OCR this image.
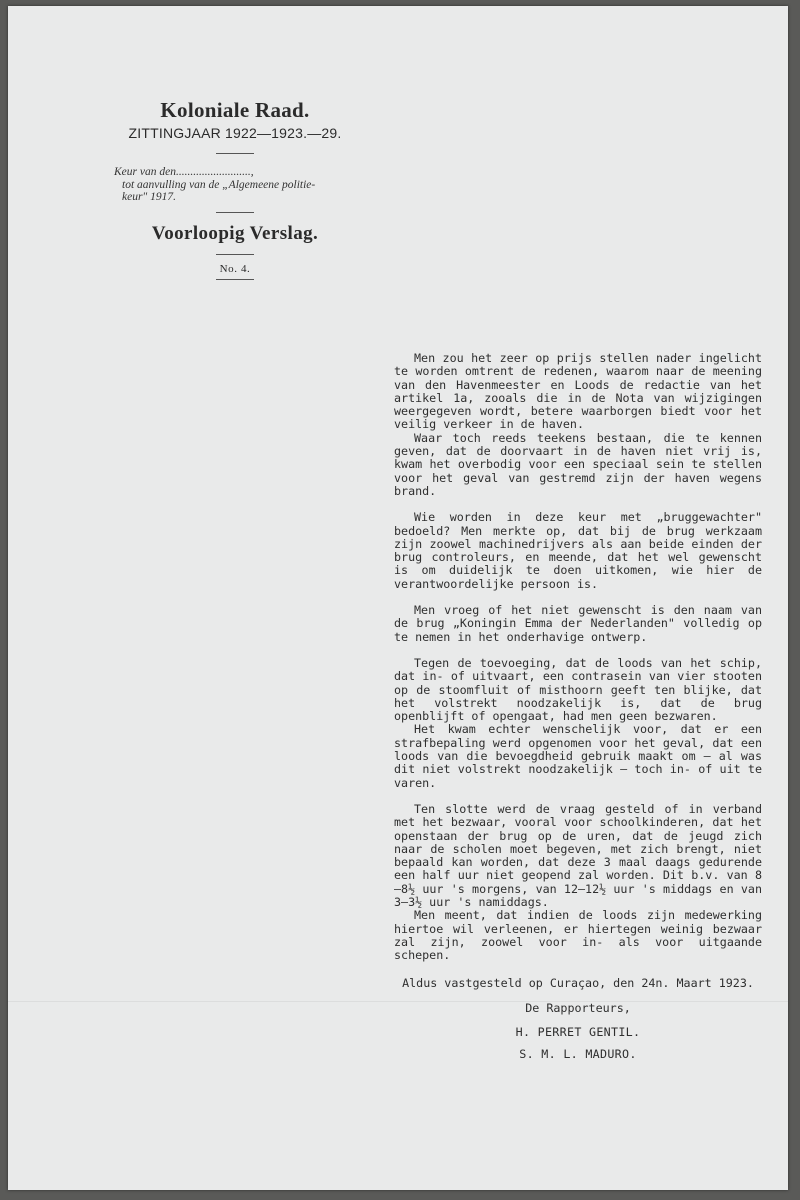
Koloniale Raad.
ZITTINGJAAR 1922—1923.—29.
Keur van den..........................,
tot aanvulling van de „Algemeene politie-
keur" 1917.
Voorloopig Verslag.
No. 4.

Men zou het zeer op prijs stellen nader ingelicht te worden omtrent de redenen, waarom naar de meening van den Havenmeester en Loods de redactie van het artikel 1a, zooals die in de Nota van wijzigingen weergegeven wordt, betere waarborgen biedt voor het veilig verkeer in de haven.

Waar toch reeds teekens bestaan, die te kennen geven, dat de doorvaart in de haven niet vrij is, kwam het overbodig voor een speciaal sein te stellen voor het geval van gestremd zijn der haven wegens brand.

Wie worden in deze keur met „bruggewachter" bedoeld? Men merkte op, dat bij de brug werkzaam zijn zoowel machinedrijvers als aan beide einden der brug controleurs, en meende, dat het wel gewenscht is om duidelijk te doen uitkomen, wie hier de verantwoordelijke persoon is.

Men vroeg of het niet gewenscht is den naam van de brug „Koningin Emma der Nederlanden" volledig op te nemen in het onderhavige ontwerp.

Tegen de toevoeging, dat de loods van het schip, dat in- of uitvaart, een contrasein van vier stooten op de stoomfluit of misthoorn geeft ten blijke, dat het volstrekt noodzakelijk is, dat de brug openblijft of opengaat, had men geen bezwaren.

Het kwam echter wenschelijk voor, dat er een strafbepaling werd opgenomen voor het geval, dat een loods van die bevoegdheid gebruik maakt om — al was dit niet volstrekt noodzakelijk — toch in- of uit te varen.

Ten slotte werd de vraag gesteld of in verband met het bezwaar, vooral voor schoolkinderen, dat het openstaan der brug op de uren, dat de jeugd zich naar de scholen moet begeven, met zich brengt, niet bepaald kan worden, dat deze 3 maal daags gedurende een half uur niet geopend zal worden. Dit b.v. van 8—8½ uur 's morgens, van 12—12½ uur 's middags en van 3—3½ uur 's namiddags.

Men meent, dat indien de loods zijn medewerking hiertoe wil verleenen, er hiertegen weinig bezwaar zal zijn, zoowel voor in- als voor uitgaande schepen.

Aldus vastgesteld op Curaçao, den 24n. Maart 1923.

De Rapporteurs,

H. PERRET GENTIL.

S. M. L. MADURO.
